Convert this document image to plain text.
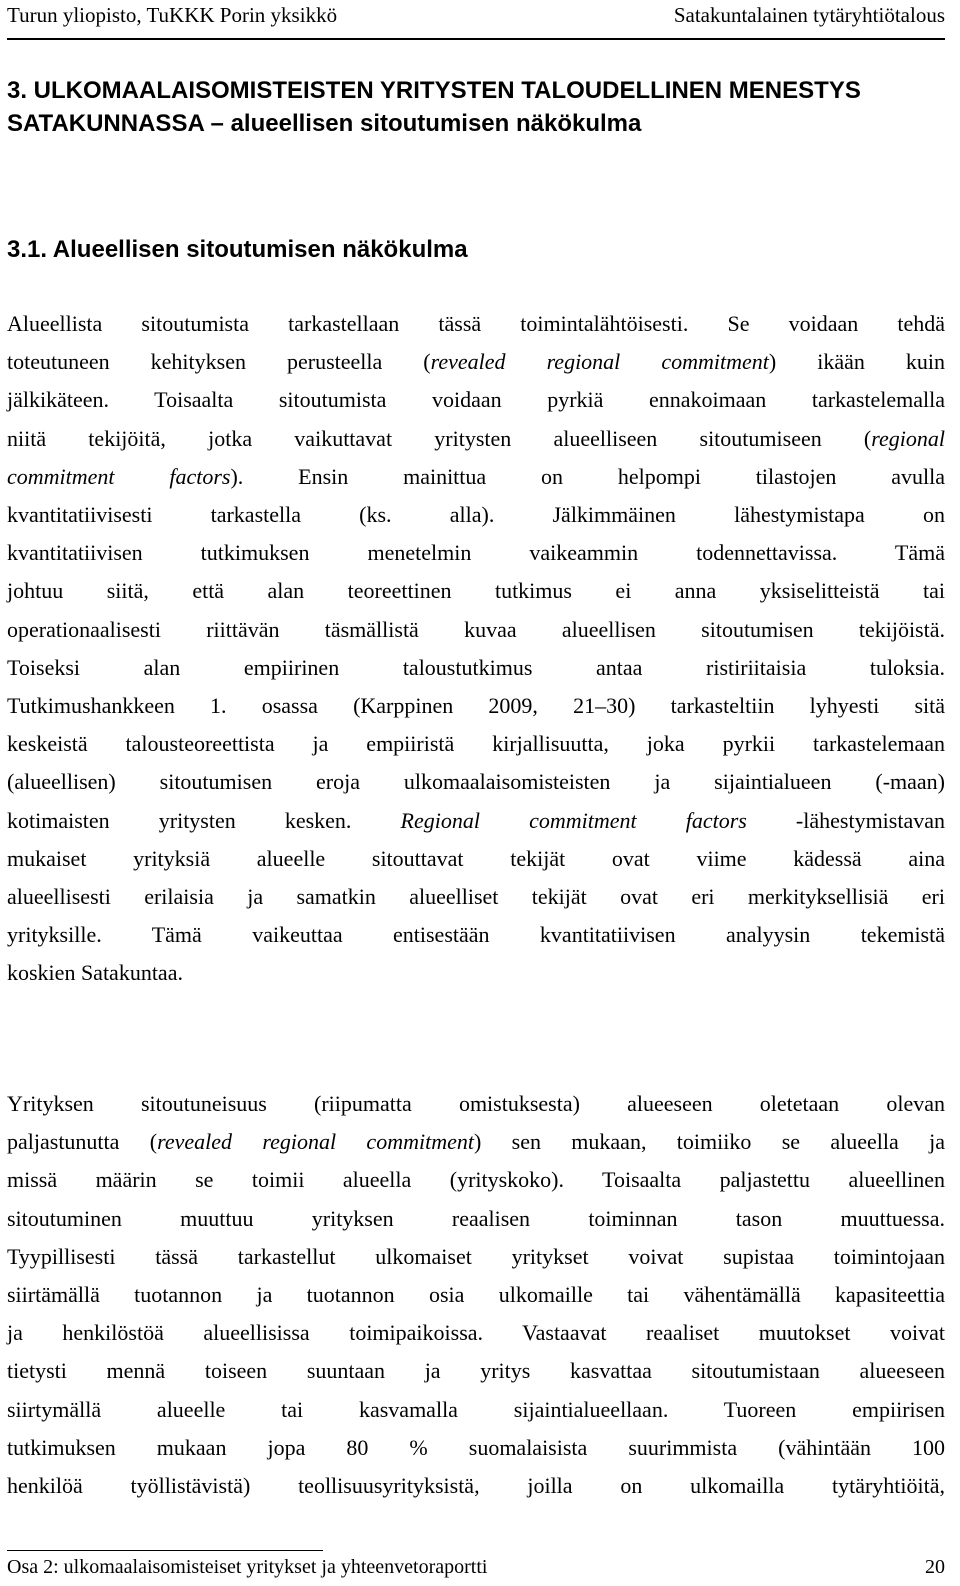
Turun yliopisto, TuKKK Porin yksikkö	Satakuntalainen tytäryhtiötalous
3. ULKOMAALAISOMISTEISTEN YRITYSTEN TALOUDELLINEN MENESTYS
SATAKUNNASSA – alueellisen sitoutumisen näkökulma
3.1. Alueellisen sitoutumisen näkökulma

Alueellista sitoutumista tarkastellaan tässä toimintalähtöisesti. Se voidaan tehdä
toteutuneen kehityksen perusteella (revealed regional commitment) ikään kuin
jälkikäteen. Toisaalta sitoutumista voidaan pyrkiä ennakoimaan tarkastelemalla
niitä tekijöitä, jotka vaikuttavat yritysten alueelliseen sitoutumiseen (regional
commitment factors). Ensin mainittua on helpompi tilastojen avulla
kvantitatiivisesti tarkastella (ks. alla). Jälkimmäinen lähestymistapa on
kvantitatiivisen tutkimuksen menetelmin vaikeammin todennettavissa. Tämä
johtuu siitä, että alan teoreettinen tutkimus ei anna yksiselitteistä tai
operationaalisesti riittävän täsmällistä kuvaa alueellisen sitoutumisen tekijöistä.
Toiseksi alan empiirinen taloustutkimus antaa ristiriitaisia tuloksia.
Tutkimushankkeen 1. osassa (Karppinen 2009, 21–30) tarkasteltiin lyhyesti sitä
keskeistä talousteoreettista ja empiiristä kirjallisuutta, joka pyrkii tarkastelemaan
(alueellisen) sitoutumisen eroja ulkomaalaisomisteisten ja sijaintialueen (-maan)
kotimaisten yritysten kesken. Regional commitment factors -lähestymistavan
mukaiset yrityksiä alueelle sitouttavat tekijät ovat viime kädessä aina
alueellisesti erilaisia ja samatkin alueelliset tekijät ovat eri merkityksellisiä eri
yrityksille. Tämä vaikeuttaa entisestään kvantitatiivisen analyysin tekemistä
koskien Satakuntaa.

Yrityksen sitoutuneisuus (riipumatta omistuksesta) alueeseen oletetaan olevan
paljastunutta (revealed regional commitment) sen mukaan, toimiiko se alueella ja
missä määrin se toimii alueella (yrityskoko). Toisaalta paljastettu alueellinen
sitoutuminen muuttuu yrityksen reaalisen toiminnan tason muuttuessa.
Tyypillisesti tässä tarkastellut ulkomaiset yritykset voivat supistaa toimintojaan
siirtämällä tuotannon ja tuotannon osia ulkomaille tai vähentämällä kapasiteettia
ja henkilöstöä alueellisissa toimipaikoissa. Vastaavat reaaliset muutokset voivat
tietysti mennä toiseen suuntaan ja yritys kasvattaa sitoutumistaan alueeseen
siirtymällä alueelle tai kasvamalla sijaintialueellaan. Tuoreen empiirisen
tutkimuksen mukaan jopa 80 % suomalaisista suurimmista (vähintään 100
henkilöä työllistävistä) teollisuusyrityksistä, joilla on ulkomailla tytäryhtiöitä,

Osa 2: ulkomaalaisomisteiset yritykset ja yhteenvetoraportti	20
